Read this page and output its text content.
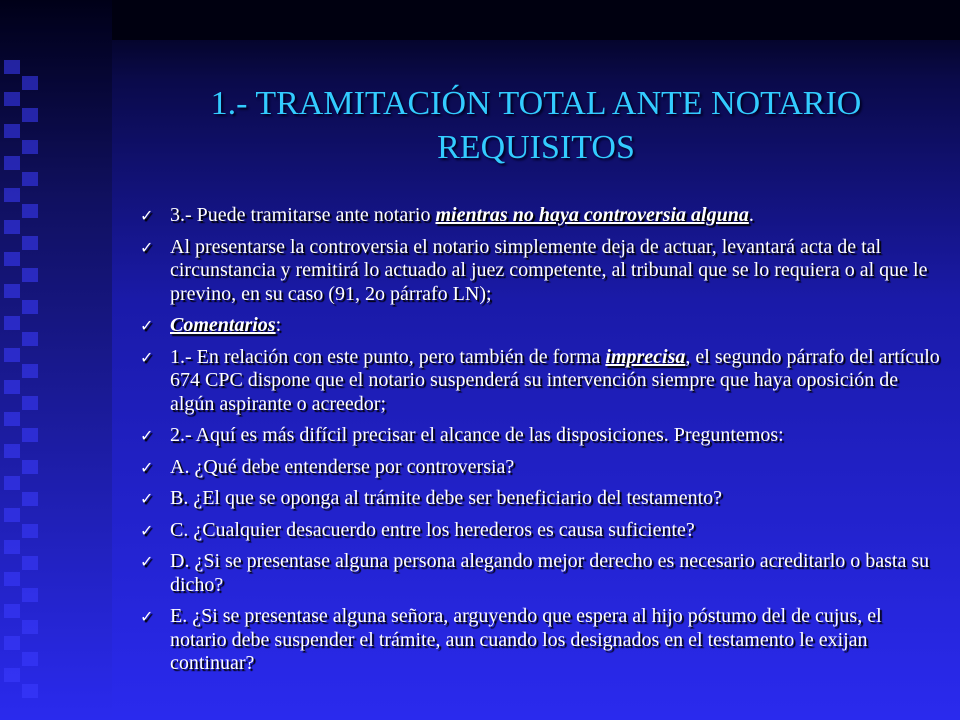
1.- TRAMITACIÓN TOTAL ANTE NOTARIO
REQUISITOS
✓ 3.- Puede tramitarse ante notario mientras no haya controversia alguna.
✓ Al presentarse la controversia el notario simplemente deja de actuar, levantará acta de tal circunstancia y remitirá lo actuado al juez competente, al tribunal que se lo requiera o al que le previno, en su caso (91, 2o párrafo LN);
✓ Comentarios:
✓ 1.- En relación con este punto, pero también de forma imprecisa, el segundo párrafo del artículo 674 CPC dispone que el notario suspenderá su intervención siempre que haya oposición de algún aspirante o acreedor;
✓ 2.- Aquí es más difícil precisar el alcance de las disposiciones. Preguntemos:
✓ A. ¿Qué debe entenderse por controversia?
✓ B. ¿El que se oponga al trámite debe ser beneficiario del testamento?
✓ C. ¿Cualquier desacuerdo entre los herederos es causa suficiente?
✓ D. ¿Si se presentase alguna persona alegando mejor derecho es necesario acreditarlo o basta su dicho?
✓ E. ¿Si se presentase alguna señora, arguyendo que espera al hijo póstumo del de cujus, el notario debe suspender el trámite, aun cuando los designados en el testamento le exijan continuar?
